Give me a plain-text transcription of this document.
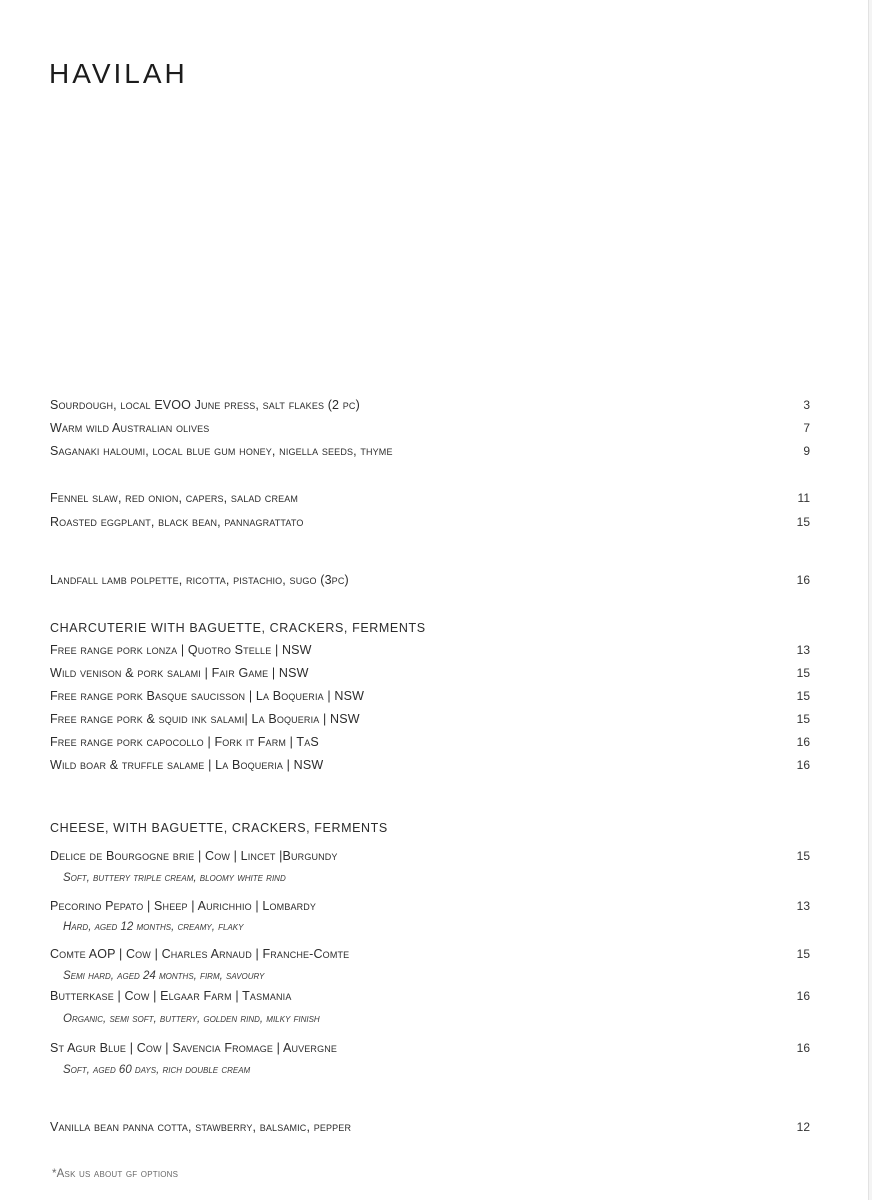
HAVILAH
Sourdough, local EVOO June press, salt flakes (2 pc)	3
Warm wild Australian olives	7
Saganaki haloumi, local blue gum honey, nigella seeds, thyme	9
Fennel slaw, red onion, capers, salad cream	11
Roasted eggplant, black bean, pannagrattato	15
Landfall lamb polpette, ricotta, pistachio, sugo (3pc)	16
CHARCUTERIE WITH BAGUETTE, CRACKERS, FERMENTS
Free range pork lonza | Quotro Stelle | NSW	13
Wild venison & pork salami | Fair Game | NSW	15
Free range pork Basque saucisson | La Boqueria | NSW	15
Free range pork & squid ink salami| La Boqueria | NSW	15
Free range pork capocollo | Fork it Farm | TaS	16
Wild boar & truffle salame | La Boqueria | NSW	16
CHEESE, WITH BAGUETTE, CRACKERS, FERMENTS
Delice de Bourgogne brie | Cow | Lincet |Burgundy	15
Soft, buttery triple cream, bloomy white rind
Pecorino Pepato | Sheep | Aurichhio | Lombardy	13
Hard, aged 12 months, creamy, flaky
Comte AOP | Cow | Charles Arnaud | Franche-Comte	15
Semi hard, aged 24 months, firm, savoury
Butterkase | Cow | Elgaar Farm | Tasmania	16
Organic, semi soft, buttery, golden rind, milky finish
St Agur Blue | Cow | Savencia Fromage | Auvergne	16
Soft, aged 60 days, rich double cream
Vanilla bean panna cotta, stawberry, balsamic, pepper	12
*Ask us about gf options
